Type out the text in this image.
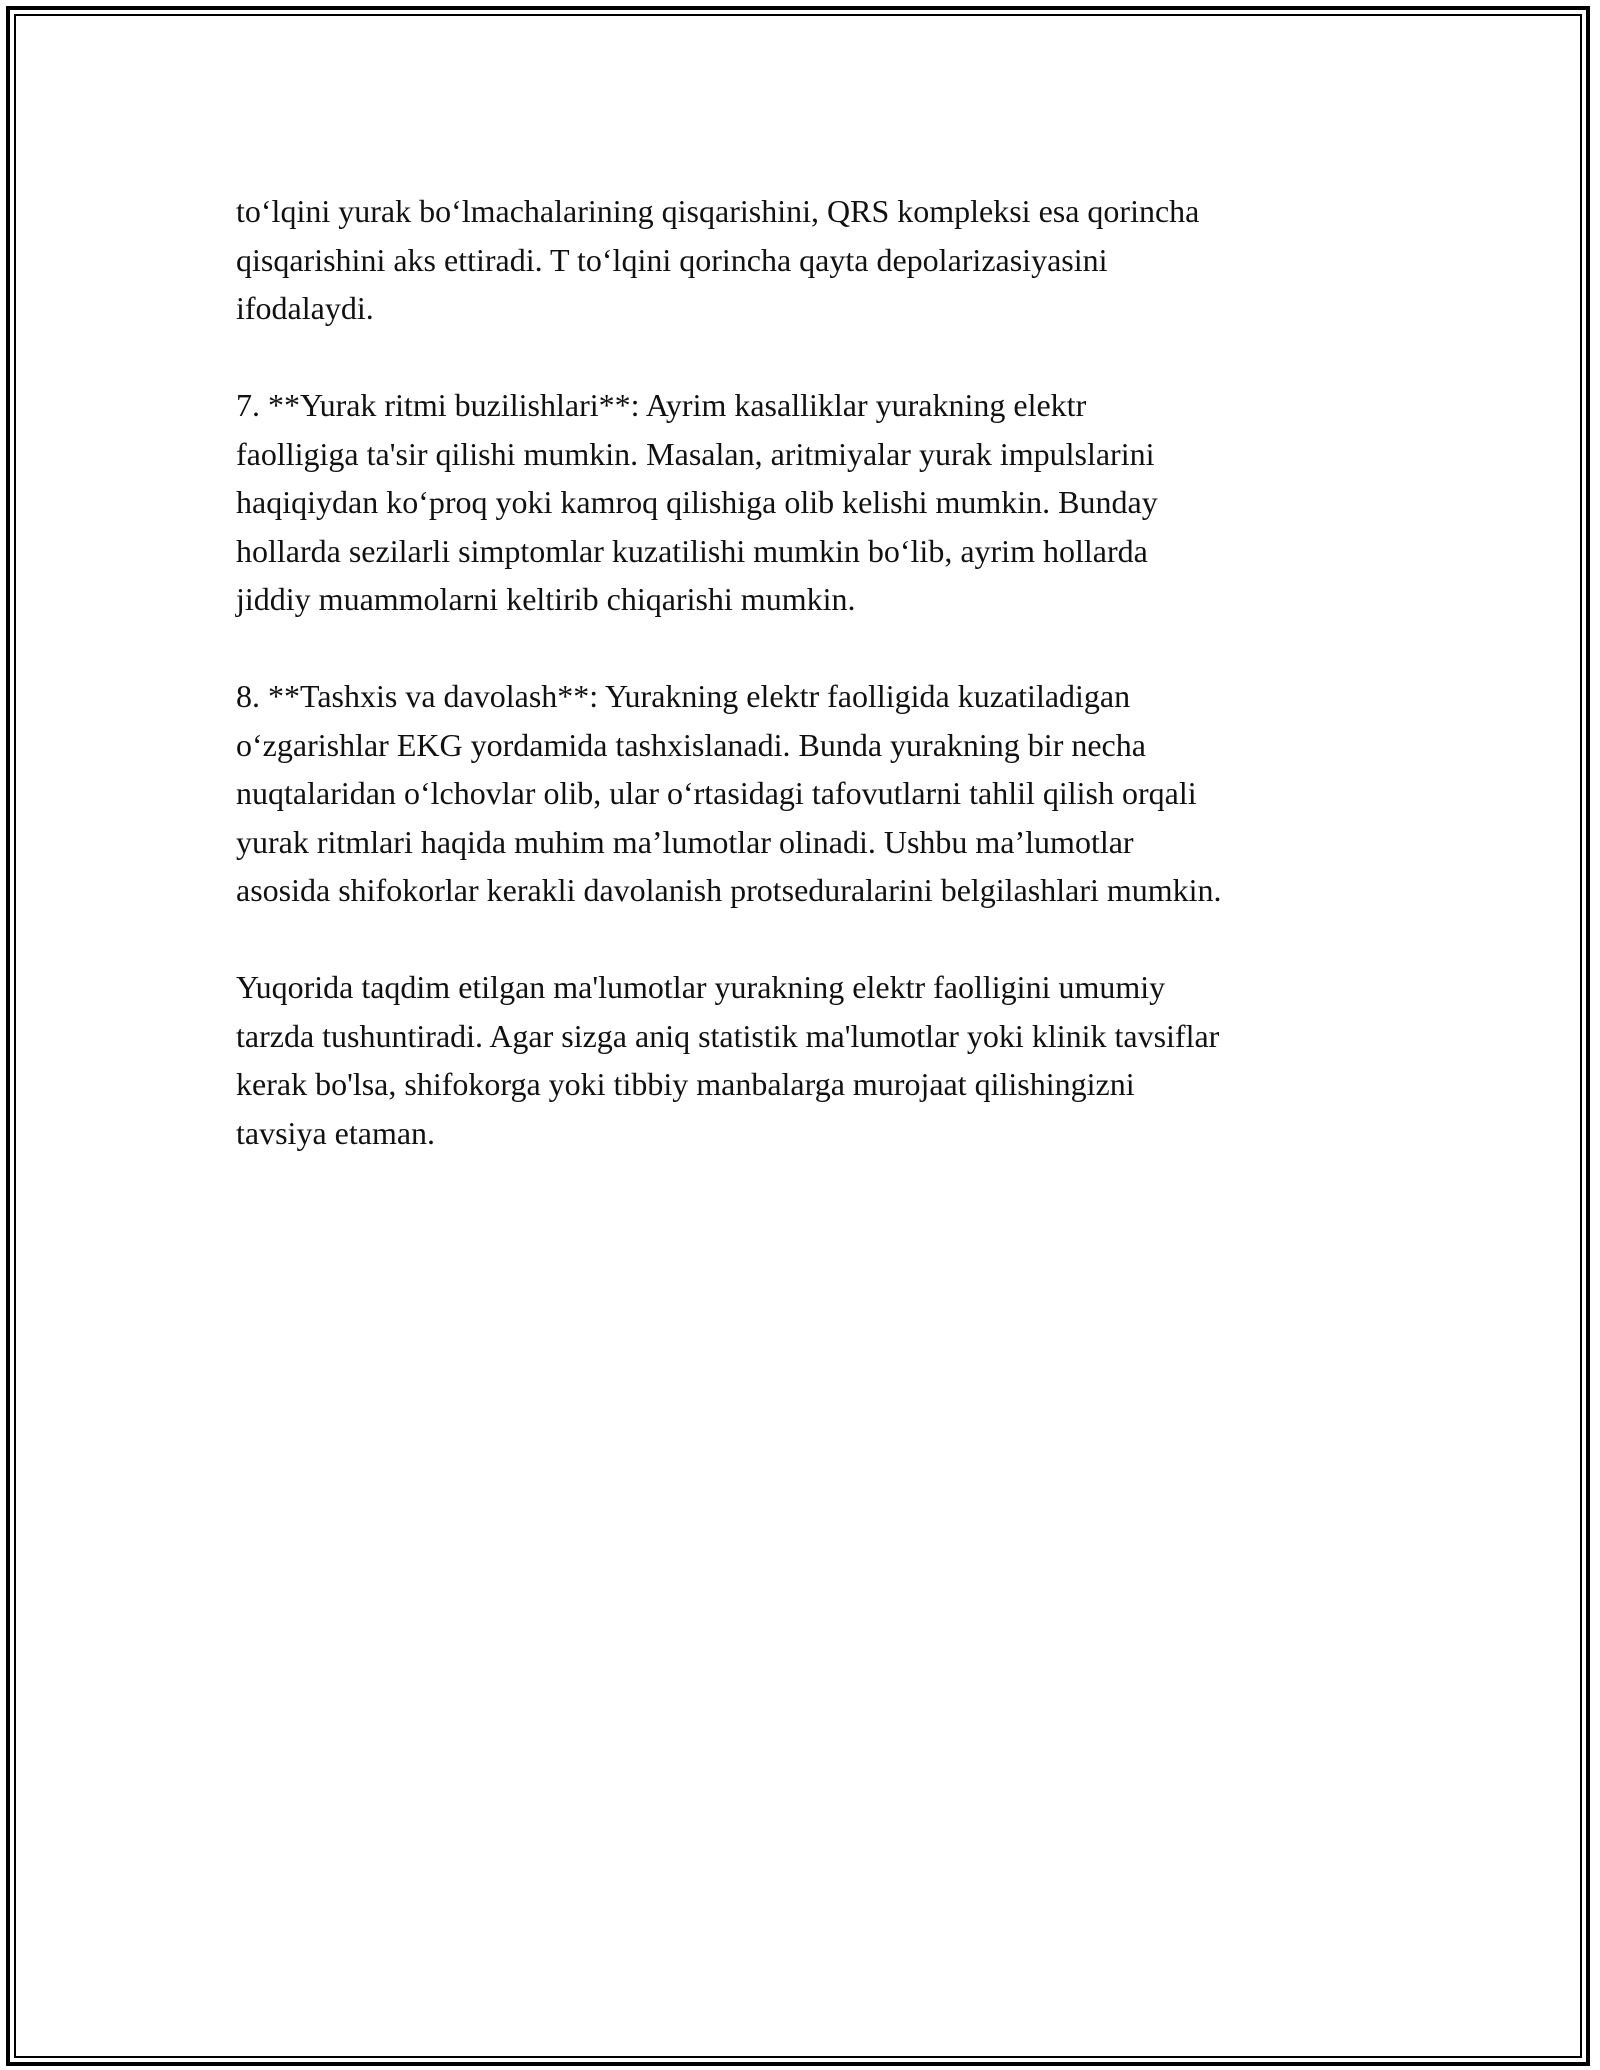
to‘lqini yurak bo‘lmachalarining qisqarishini, QRS kompleksi esa qorincha
qisqarishini aks ettiradi. T to‘lqini qorincha qayta depolarizasiyasini
ifodalaydi.

7. **Yurak ritmi buzilishlari**: Ayrim kasalliklar yurakning elektr
faolligiga ta'sir qilishi mumkin. Masalan, aritmiyalar yurak impulslarini
haqiqiydan ko‘proq yoki kamroq qilishiga olib kelishi mumkin. Bunday
hollarda sezilarli simptomlar kuzatilishi mumkin bo‘lib, ayrim hollarda
jiddiy muammolarni keltirib chiqarishi mumkin.

8. **Tashxis va davolash**: Yurakning elektr faolligida kuzatiladigan
o‘zgarishlar EKG yordamida tashxislanadi. Bunda yurakning bir necha
nuqtalaridan o‘lchovlar olib, ular o‘rtasidagi tafovutlarni tahlil qilish orqali
yurak ritmlari haqida muhim ma’lumotlar olinadi. Ushbu ma’lumotlar
asosida shifokorlar kerakli davolanish protseduralarini belgilashlari mumkin.

Yuqorida taqdim etilgan ma'lumotlar yurakning elektr faolligini umumiy
tarzda tushuntiradi. Agar sizga aniq statistik ma'lumotlar yoki klinik tavsiflar
kerak bo'lsa, shifokorga yoki tibbiy manbalarga murojaat qilishingizni
tavsiya etaman.
